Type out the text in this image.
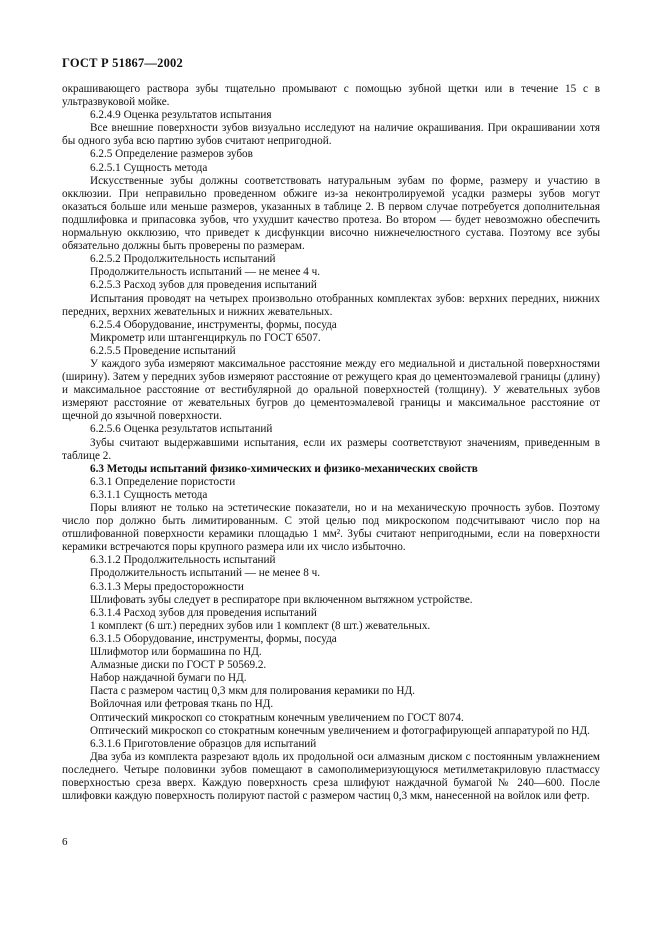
ГОСТ Р 51867—2002

окрашивающего раствора зубы тщательно промывают с помощью зубной щетки или в течение 15 с в ультразвуковой мойке.

6.2.4.9 Оценка результатов испытания

Все внешние поверхности зубов визуально исследуют на наличие окрашивания. При окрашивании хотя бы одного зуба всю партию зубов считают непригодной.

6.2.5 Определение размеров зубов

6.2.5.1 Сущность метода

Искусственные зубы должны соответствовать натуральным зубам по форме, размеру и участию в окклюзии. При неправильно проведенном обжиге из-за неконтролируемой усадки размеры зубов могут оказаться больше или меньше размеров, указанных в таблице 2. В первом случае потребуется дополнительная подшлифовка и припасовка зубов, что ухудшит качество протеза. Во втором — будет невозможно обеспечить нормальную окклюзию, что приведет к дисфункции височно нижнечелюстного сустава. Поэтому все зубы обязательно должны быть проверены по размерам.

6.2.5.2 Продолжительность испытаний

Продолжительность испытаний — не менее 4 ч.

6.2.5.3 Расход зубов для проведения испытаний

Испытания проводят на четырех произвольно отобранных комплектах зубов: верхних передних, нижних передних, верхних жевательных и нижних жевательных.

6.2.5.4 Оборудование, инструменты, формы, посуда

Микрометр или штангенциркуль по ГОСТ 6507.

6.2.5.5 Проведение испытаний

У каждого зуба измеряют максимальное расстояние между его медиальной и дистальной поверхностями (ширину). Затем у передних зубов измеряют расстояние от режущего края до цементоэмалевой границы (длину) и максимальное расстояние от вестибулярной до оральной поверхностей (толщину). У жевательных зубов измеряют расстояние от жевательных бугров до цементоэмалевой границы и максимальное расстояние от щечной до язычной поверхности.

6.2.5.6 Оценка результатов испытаний

Зубы считают выдержавшими испытания, если их размеры соответствуют значениям, приведенным в таблице 2.

6.3 Методы испытаний физико-химических и физико-механических свойств

6.3.1 Определение пористости

6.3.1.1 Сущность метода

Поры влияют не только на эстетические показатели, но и на механическую прочность зубов. Поэтому число пор должно быть лимитированным. С этой целью под микроскопом подсчитывают число пор на отшлифованной поверхности керамики площадью 1 мм². Зубы считают непригодными, если на поверхности керамики встречаются поры крупного размера или их число избыточно.

6.3.1.2 Продолжительность испытаний

Продолжительность испытаний — не менее 8 ч.

6.3.1.3 Меры предосторожности

Шлифовать зубы следует в респираторе при включенном вытяжном устройстве.

6.3.1.4 Расход зубов для проведения испытаний

1 комплект (6 шт.) передних зубов или 1 комплект (8 шт.) жевательных.

6.3.1.5 Оборудование, инструменты, формы, посуда

Шлифмотор или бормашина по НД.

Алмазные диски по ГОСТ Р 50569.2.

Набор наждачной бумаги по НД.

Паста с размером частиц 0,3 мкм для полирования керамики по НД.

Войлочная или фетровая ткань по НД.

Оптический микроскоп со стократным конечным увеличением по ГОСТ 8074.

Оптический микроскоп со стократным конечным увеличением и фотографирующей аппаратурой по НД.

6.3.1.6 Приготовление образцов для испытаний

Два зуба из комплекта разрезают вдоль их продольной оси алмазным диском с постоянным увлажнением последнего. Четыре половинки зубов помещают в самополимеризующуюся метилметакриловую пластмассу поверхностью среза вверх. Каждую поверхность среза шлифуют наждачной бумагой № 240—600. После шлифовки каждую поверхность полируют пастой с размером частиц 0,3 мкм, нанесенной на войлок или фетр.

6
